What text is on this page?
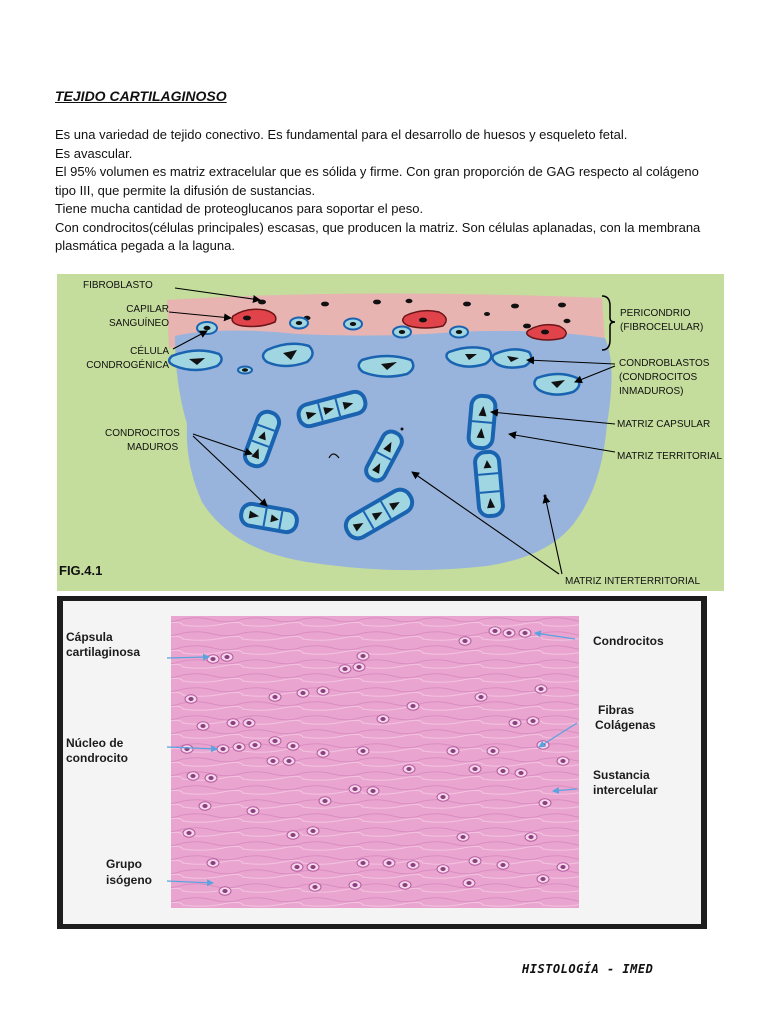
TEJIDO CARTILAGINOSO

Es una variedad de tejido conectivo. Es fundamental para el desarrollo de huesos y esqueleto fetal.

Es avascular.

El 95% volumen es matriz extracelular que es sólida y firme. Con gran proporción de GAG respecto al colágeno tipo III, que permite la difusión de sustancias.

Tiene mucha cantidad de proteoglucanos para soportar el peso.

Con condrocitos(células principales) escasas, que producen la matriz. Son células aplanadas, con la membrana plasmática pegada a la laguna.

FIBROBLASTO
CAPILAR
SANGUÍNEO
CÉLULA
CONDROGÉNICA
CONDROCITOS
MADUROS
PERICONDRIO
(FIBROCELULAR)
CONDROBLASTOS
(CONDROCITOS
INMADUROS)
MATRIZ CAPSULAR
MATRIZ TERRITORIAL
MATRIZ INTERTERRITORIAL
FIG.4.1
Cápsula
cartilaginosa
Núcleo de
condrocito
Grupo
isógeno
Condrocitos
Fibras
Colágenas
Sustancia
intercelular

HISTOLOGÍA - IMED
